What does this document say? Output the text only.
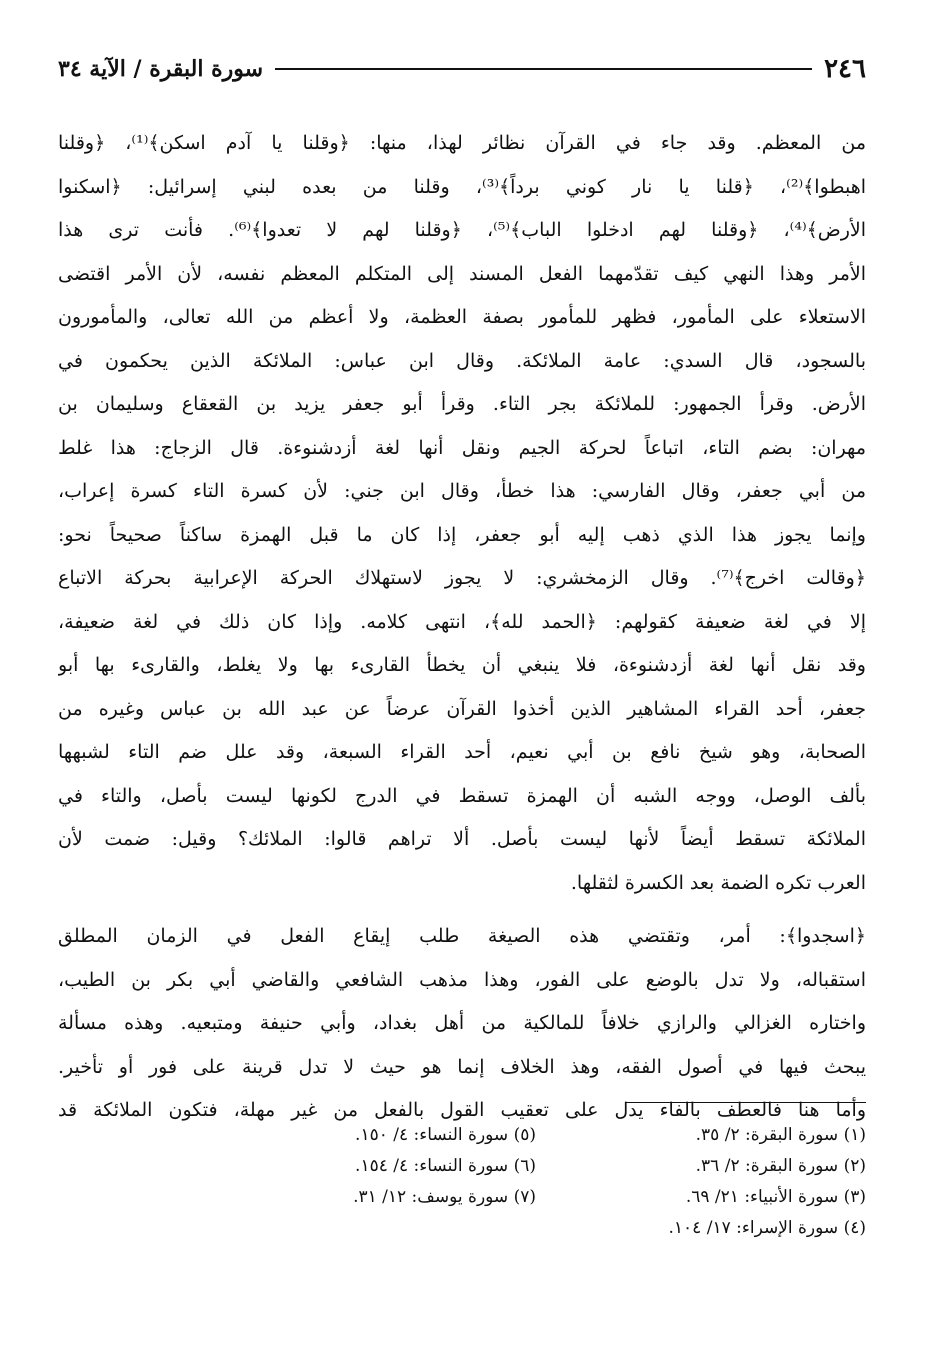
٢٤٦
سورة البقرة / الآية ٣٤

من المعظم. وقد جاء في القرآن نظائر لهذا، منها: ﴿وقلنا يا آدم اسكن﴾⁽¹⁾، ﴿وقلنا

اهبطوا﴾⁽²⁾، ﴿قلنا يا نار كوني برداً﴾⁽³⁾، وقلنا من بعده لبني إسرائيل: ﴿اسكنوا

الأرض﴾⁽⁴⁾، ﴿وقلنا لهم ادخلوا الباب﴾⁽⁵⁾، ﴿وقلنا لهم لا تعدوا﴾⁽⁶⁾. فأنت ترى هذا

الأمر وهذا النهي كيف تقدّمهما الفعل المسند إلى المتكلم المعظم نفسه، لأن الأمر اقتضى

الاستعلاء على المأمور، فظهر للمأمور بصفة العظمة، ولا أعظم من الله تعالى، والمأمورون

بالسجود، قال السدي: عامة الملائكة. وقال ابن عباس: الملائكة الذين يحكمون في

الأرض. وقرأ الجمهور: للملائكة بجر التاء. وقرأ أبو جعفر يزيد بن القعقاع وسليمان بن

مهران: بضم التاء، اتباعاً لحركة الجيم ونقل أنها لغة أزدشنوءة. قال الزجاج: هذا غلط

من أبي جعفر، وقال الفارسي: هذا خطأ، وقال ابن جني: لأن كسرة التاء كسرة إعراب،

وإنما يجوز هذا الذي ذهب إليه أبو جعفر، إذا كان ما قبل الهمزة ساكناً صحيحاً نحو:

﴿وقالت اخرج﴾⁽⁷⁾. وقال الزمخشري: لا يجوز لاستهلاك الحركة الإعرابية بحركة الاتباع

إلا في لغة ضعيفة كقولهم: ﴿الحمد لله﴾، انتهى كلامه. وإذا كان ذلك في لغة ضعيفة،

وقد نقل أنها لغة أزدشنوءة، فلا ينبغي أن يخطأ القارىء بها ولا يغلط، والقارىء بها أبو

جعفر، أحد القراء المشاهير الذين أخذوا القرآن عرضاً عن عبد الله بن عباس وغيره من

الصحابة، وهو شيخ نافع بن أبي نعيم، أحد القراء السبعة، وقد علل ضم التاء لشبهها

بألف الوصل، ووجه الشبه أن الهمزة تسقط في الدرج لكونها ليست بأصل، والتاء في

الملائكة تسقط أيضاً لأنها ليست بأصل. ألا تراهم قالوا: الملائك؟ وقيل: ضمت لأن

العرب تكره الضمة بعد الكسرة لثقلها.

﴿اسجدوا﴾: أمر، وتقتضي هذه الصيغة طلب إيقاع الفعل في الزمان المطلق

استقباله، ولا تدل بالوضع على الفور، وهذا مذهب الشافعي والقاضي أبي بكر بن الطيب،

واختاره الغزالي والرازي خلافاً للمالكية من أهل بغداد، وأبي حنيفة ومتبعيه. وهذه مسألة

يبحث فيها في أصول الفقه، وهذ الخلاف إنما هو حيث لا تدل قرينة على فور أو تأخير.

وأما هنا فالعطف بالفاء يدل على تعقيب القول بالفعل من غير مهلة، فتكون الملائكة قد

(١) سورة البقرة: ٢/ ٣٥.
(٢) سورة البقرة: ٢/ ٣٦.
(٣) سورة الأنبياء: ٢١/ ٦٩.
(٤) سورة الإسراء: ١٧/ ١٠٤.
(٥) سورة النساء: ٤/ ١٥٠.
(٦) سورة النساء: ٤/ ١٥٤.
(٧) سورة يوسف: ١٢/ ٣١.
